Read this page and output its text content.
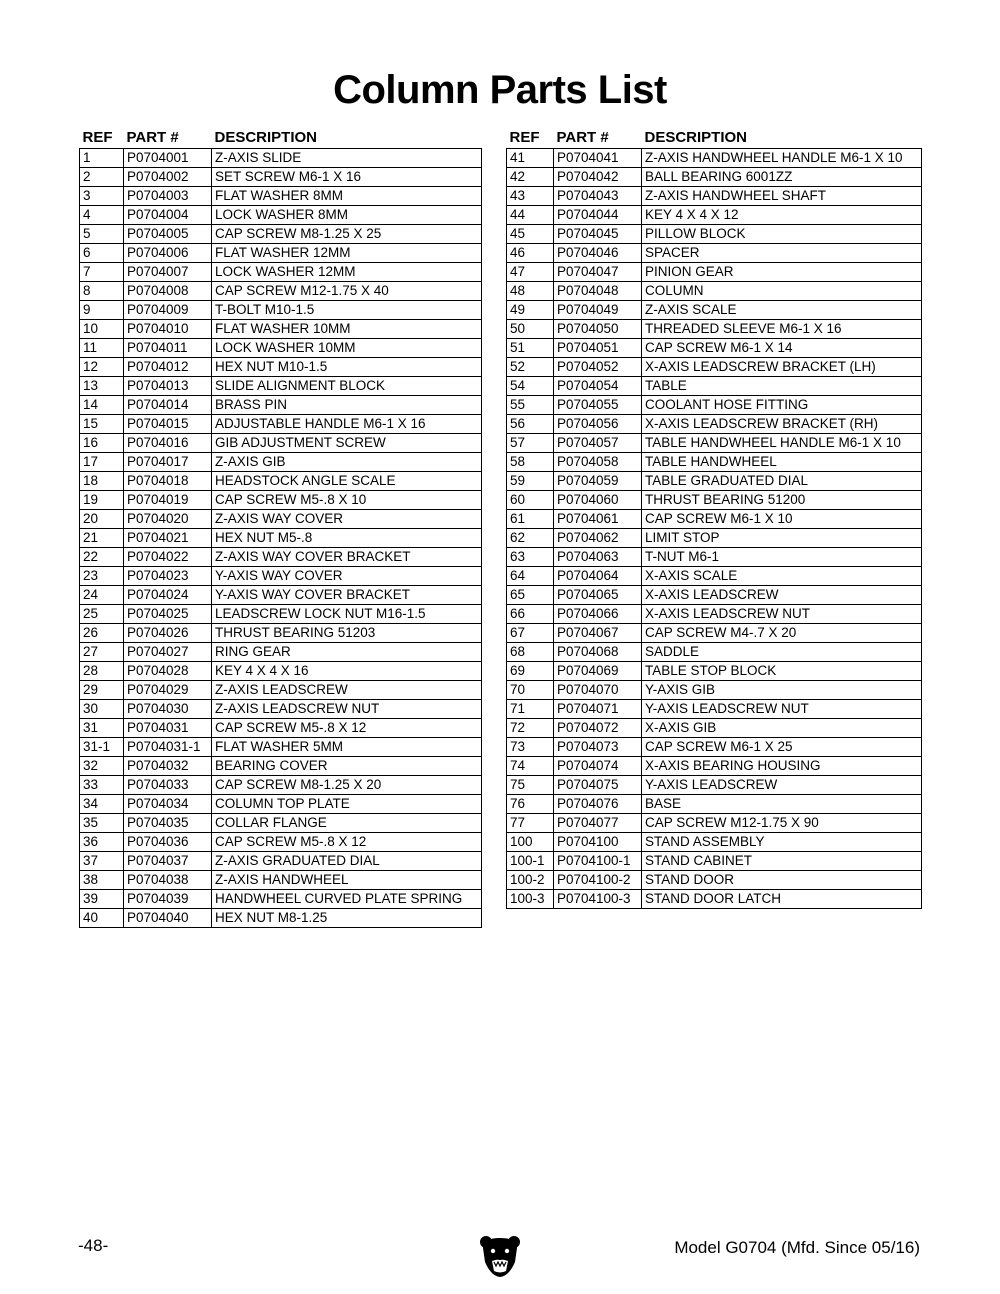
Column Parts List
REF	PART #	DESCRIPTION
1	P0704001	Z-AXIS SLIDE
2	P0704002	SET SCREW M6-1 X 16
3	P0704003	FLAT WASHER 8MM
4	P0704004	LOCK WASHER 8MM
5	P0704005	CAP SCREW M8-1.25 X 25
6	P0704006	FLAT WASHER 12MM
7	P0704007	LOCK WASHER 12MM
8	P0704008	CAP SCREW M12-1.75 X 40
9	P0704009	T-BOLT M10-1.5
10	P0704010	FLAT WASHER 10MM
11	P0704011	LOCK WASHER 10MM
12	P0704012	HEX NUT M10-1.5
13	P0704013	SLIDE ALIGNMENT BLOCK
14	P0704014	BRASS PIN
15	P0704015	ADJUSTABLE HANDLE M6-1 X 16
16	P0704016	GIB ADJUSTMENT SCREW
17	P0704017	Z-AXIS GIB
18	P0704018	HEADSTOCK ANGLE SCALE
19	P0704019	CAP SCREW M5-.8 X 10
20	P0704020	Z-AXIS WAY COVER
21	P0704021	HEX NUT M5-.8
22	P0704022	Z-AXIS WAY COVER BRACKET
23	P0704023	Y-AXIS WAY COVER
24	P0704024	Y-AXIS WAY COVER BRACKET
25	P0704025	LEADSCREW LOCK NUT M16-1.5
26	P0704026	THRUST BEARING 51203
27	P0704027	RING GEAR
28	P0704028	KEY 4 X 4 X 16
29	P0704029	Z-AXIS LEADSCREW
30	P0704030	Z-AXIS LEADSCREW NUT
31	P0704031	CAP SCREW M5-.8 X 12
31-1	P0704031-1	FLAT WASHER 5MM
32	P0704032	BEARING COVER
33	P0704033	CAP SCREW M8-1.25 X 20
34	P0704034	COLUMN TOP PLATE
35	P0704035	COLLAR FLANGE
36	P0704036	CAP SCREW M5-.8 X 12
37	P0704037	Z-AXIS GRADUATED DIAL
38	P0704038	Z-AXIS HANDWHEEL
39	P0704039	HANDWHEEL CURVED PLATE SPRING
40	P0704040	HEX NUT M8-1.25
REF	PART #	DESCRIPTION
41	P0704041	Z-AXIS HANDWHEEL HANDLE M6-1 X 10
42	P0704042	BALL BEARING 6001ZZ
43	P0704043	Z-AXIS HANDWHEEL SHAFT
44	P0704044	KEY 4 X 4 X 12
45	P0704045	PILLOW BLOCK
46	P0704046	SPACER
47	P0704047	PINION GEAR
48	P0704048	COLUMN
49	P0704049	Z-AXIS SCALE
50	P0704050	THREADED SLEEVE M6-1 X 16
51	P0704051	CAP SCREW M6-1 X 14
52	P0704052	X-AXIS LEADSCREW BRACKET (LH)
54	P0704054	TABLE
55	P0704055	COOLANT HOSE FITTING
56	P0704056	X-AXIS LEADSCREW BRACKET (RH)
57	P0704057	TABLE HANDWHEEL HANDLE M6-1 X 10
58	P0704058	TABLE HANDWHEEL
59	P0704059	TABLE GRADUATED DIAL
60	P0704060	THRUST BEARING 51200
61	P0704061	CAP SCREW M6-1 X 10
62	P0704062	LIMIT STOP
63	P0704063	T-NUT M6-1
64	P0704064	X-AXIS SCALE
65	P0704065	X-AXIS LEADSCREW
66	P0704066	X-AXIS LEADSCREW NUT
67	P0704067	CAP SCREW M4-.7 X 20
68	P0704068	SADDLE
69	P0704069	TABLE STOP BLOCK
70	P0704070	Y-AXIS GIB
71	P0704071	Y-AXIS LEADSCREW NUT
72	P0704072	X-AXIS GIB
73	P0704073	CAP SCREW M6-1 X 25
74	P0704074	X-AXIS BEARING HOUSING
75	P0704075	Y-AXIS LEADSCREW
76	P0704076	BASE
77	P0704077	CAP SCREW M12-1.75 X 90
100	P0704100	STAND ASSEMBLY
100-1	P0704100-1	STAND CABINET
100-2	P0704100-2	STAND DOOR
100-3	P0704100-3	STAND DOOR LATCH
-48-	Model G0704 (Mfd. Since 05/16)
